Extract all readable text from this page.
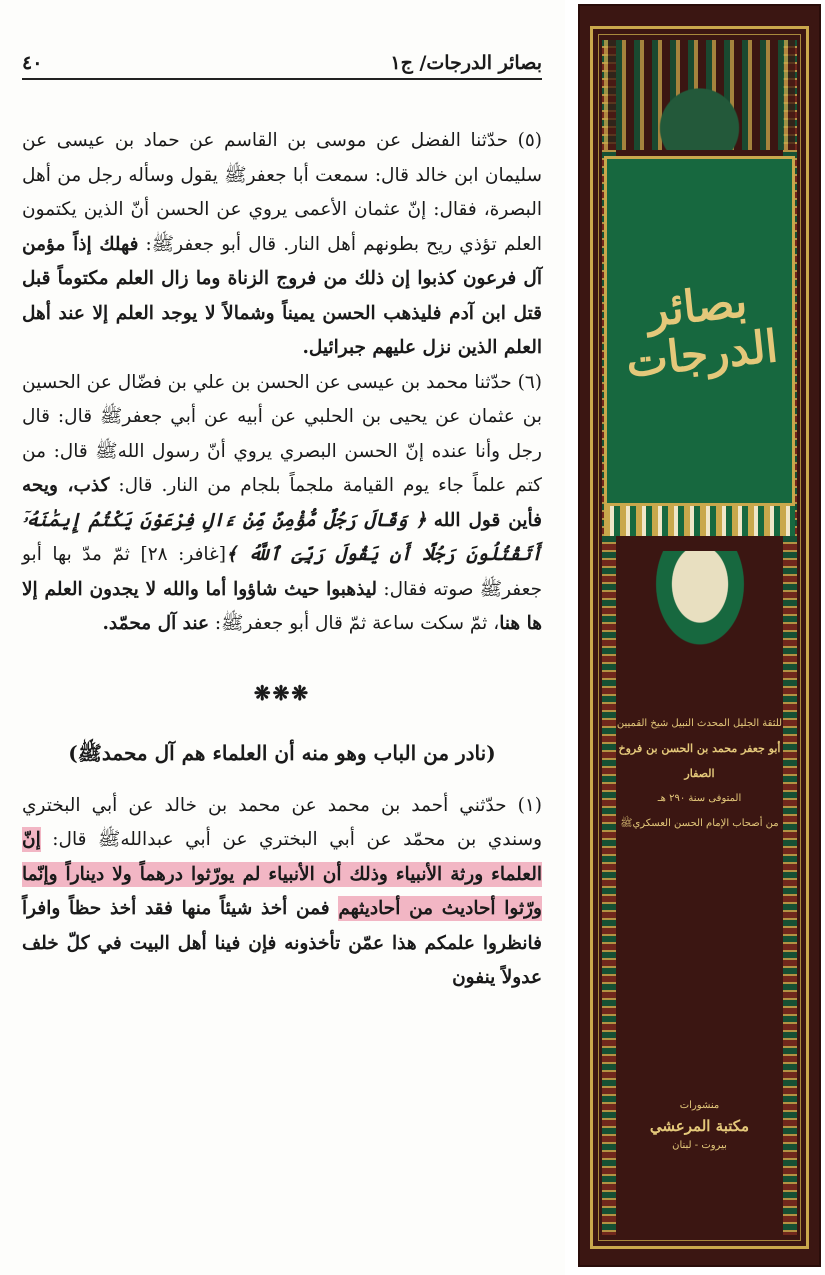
بصائر الدرجات/ ج١
٤٠

(٥) حدّثنا الفضل عن موسى بن القاسم عن حماد بن عيسى عن سليمان ابن خالد قال: سمعت أبا جعفرﷺ يقول وسأله رجل من أهل البصرة، فقال: إنّ عثمان الأعمى يروي عن الحسن أنّ الذين يكتمون العلم تؤذي ريح بطونهم أهل النار. قال أبو جعفرﷺ: فهلك إذاً مؤمن آل فرعون كذبوا إن ذلك من فروج الزناة وما زال العلم مكتوماً قبل قتل ابن آدم فليذهب الحسن يميناً وشمالاً لا يوجد العلم إلا عند أهل العلم الذين نزل عليهم جبرائيل.

(٦) حدّثنا محمد بن عيسى عن الحسن بن علي بن فضّال عن الحسين بن عثمان عن يحيى بن الحلبي عن أبيه عن أبي جعفرﷺ قال: قال رجل وأنا عنده إنّ الحسن البصري يروي أنّ رسول اللهﷺ قال: من كتم علماً جاء يوم القيامة ملجماً بلجام من النار. قال: كذب، ويحه فأين قول الله ﴿ وَقَالَ رَجُلٌ مُّؤْمِنٌ مِّنْ ءَالِ فِرْعَوْنَ يَكْتُمُ إِيمَٰنَهُۥٓ أَتَقْتُلُونَ رَجُلًا أَن يَقُولَ رَبِّىَ ٱللَّهُ ﴾[غافر: ٢٨] ثمّ مدّ بها أبو جعفرﷺ صوته فقال: ليذهبوا حيث شاؤوا أما والله لا يجدون العلم إلا ها هنا، ثمّ سكت ساعة ثمّ قال أبو جعفرﷺ: عند آل محمّد.

❋❋❋
(نادر من الباب وهو منه أن العلماء هم آل محمدﷺ)

(١) حدّثني أحمد بن محمد عن محمد بن خالد عن أبي البختري وسندي بن محمّد عن أبي البختري عن أبي عبداللهﷺ قال: إنّ العلماء ورثة الأنبياء وذلك أن الأنبياء لم يورّثوا درهماً ولا ديناراً وإنّما ورّثوا أحاديث من أحاديثهم فمن أخذ شيئاً منها فقد أخذ حظاً وافراً فانظروا علمكم هذا عمّن تأخذونه فإن فينا أهل البيت في كلّ خلف عدولاً ينفون

بصائر الدرجات
للثقة الجليل المحدث النبيل شيخ القميين
أبو جعفر محمد بن الحسن بن فروخ الصفار
المتوفى سنة ٢٩٠ هـ
من أصحاب الإمام الحسن العسكريﷺ
منشورات
مكتبة المرعشي
بيروت - لبنان
